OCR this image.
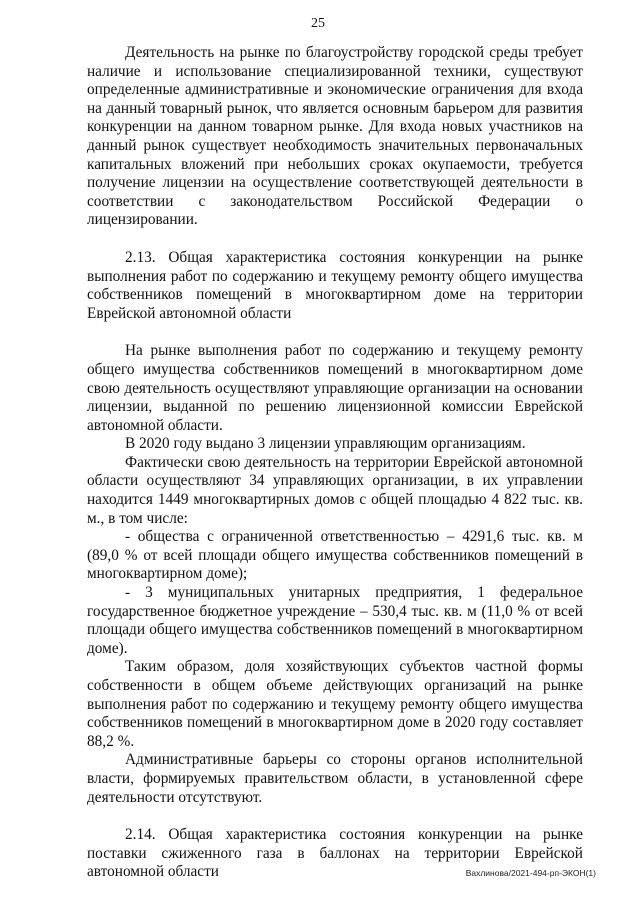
25

Деятельность на рынке по благоустройству городской среды требует наличие и использование специализированной техники, существуют определенные административные и экономические ограничения для входа на данный товарный рынок, что является основным барьером для развития конкуренции на данном товарном рынке. Для входа новых участников на данный рынок существует необходимость значительных первоначальных капитальных вложений при небольших сроках окупаемости, требуется получение лицензии на осуществление соответствующей деятельности в соответствии с законодательством Российской Федерации о лицензировании.

2.13. Общая характеристика состояния конкуренции на рынке выполнения работ по содержанию и текущему ремонту общего имущества собственников помещений в многоквартирном доме на территории Еврейской автономной области

На рынке выполнения работ по содержанию и текущему ремонту общего имущества собственников помещений в многоквартирном доме свою деятельность осуществляют управляющие организации на основании лицензии, выданной по решению лицензионной комиссии Еврейской автономной области.

В 2020 году выдано 3 лицензии управляющим организациям.

Фактически свою деятельность на территории Еврейской автономной области осуществляют 34 управляющих организации, в их управлении находится 1449 многоквартирных домов с общей площадью 4 822 тыс. кв. м., в том числе:

- общества с ограниченной ответственностью – 4291,6 тыс. кв. м (89,0 % от всей площади общего имущества собственников помещений в многоквартирном доме);

- 3 муниципальных унитарных предприятия, 1 федеральное государственное бюджетное учреждение – 530,4 тыс. кв. м (11,0 % от всей площади общего имущества собственников помещений в многоквартирном доме).

Таким образом, доля хозяйствующих субъектов частной формы собственности в общем объеме действующих организаций на рынке выполнения работ по содержанию и текущему ремонту общего имущества собственников помещений в многоквартирном доме в 2020 году составляет 88,2 %.

Административные барьеры со стороны органов исполнительной власти, формируемых правительством области, в установленной сфере деятельности отсутствуют.

2.14. Общая характеристика состояния конкуренции на рынке поставки сжиженного газа в баллонах на территории Еврейской автономной области	Вахлинова/2021-494-рп-ЭКОН(1)
